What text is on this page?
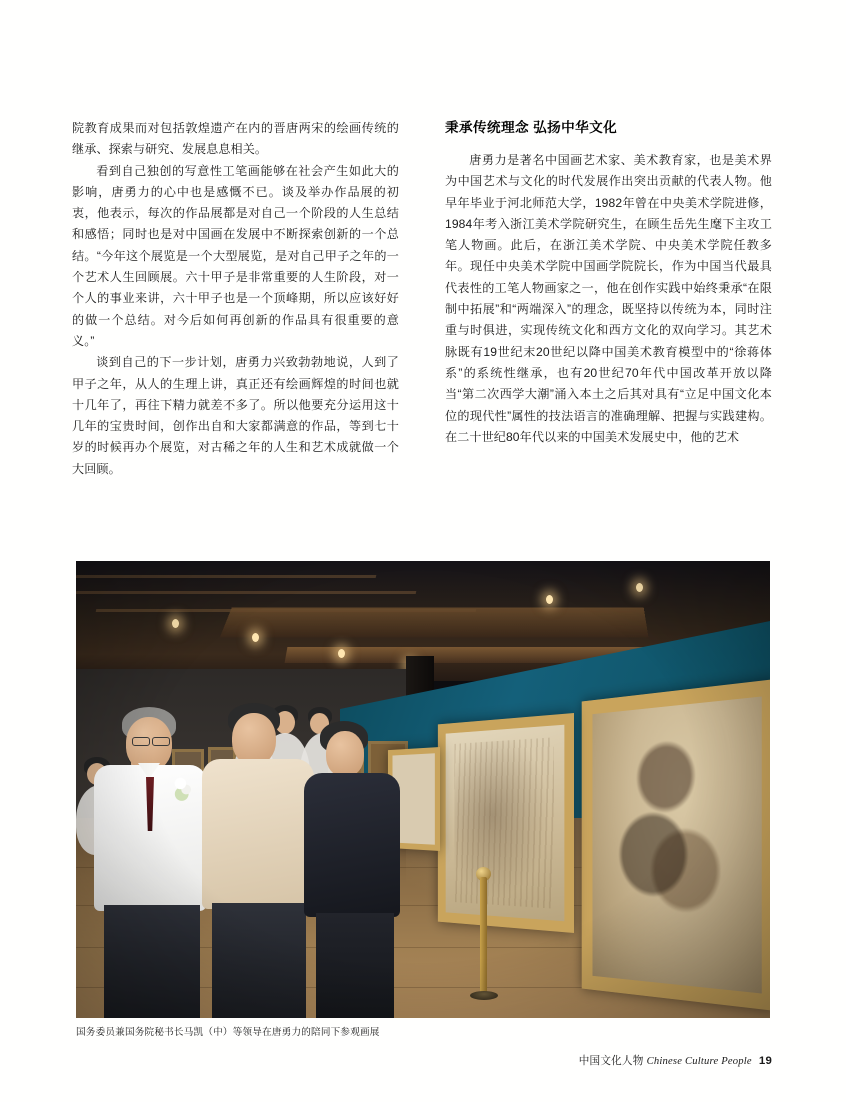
院教育成果而对包括敦煌遗产在内的晋唐两宋的绘画传统的继承、探索与研究、发展息息相关。

看到自己独创的写意性工笔画能够在社会产生如此大的影响，唐勇力的心中也是感慨不已。谈及举办作品展的初衷，他表示，每次的作品展都是对自己一个阶段的人生总结和感悟；同时也是对中国画在发展中不断探索创新的一个总结。“今年这个展览是一个大型展览，是对自己甲子之年的一个艺术人生回顾展。六十甲子是非常重要的人生阶段，对一个人的事业来讲，六十甲子也是一个顶峰期，所以应该好好的做一个总结。对今后如何再创新的作品具有很重要的意义。”

谈到自己的下一步计划，唐勇力兴致勃勃地说，人到了甲子之年，从人的生理上讲，真正还有绘画辉煌的时间也就十几年了，再往下精力就差不多了。所以他要充分运用这十几年的宝贵时间，创作出自和大家都满意的作品，等到七十岁的时候再办个展览，对古稀之年的人生和艺术成就做一个大回顾。

秉承传统理念 弘扬中华文化

唐勇力是著名中国画艺术家、美术教育家，也是美术界为中国艺术与文化的时代发展作出突出贡献的代表人物。他早年毕业于河北师范大学，1982年曾在中央美术学院进修，1984年考入浙江美术学院研究生，在顾生岳先生麾下主攻工笔人物画。此后，在浙江美术学院、中央美术学院任教多年。现任中央美术学院中国画学院院长，作为中国当代最具代表性的工笔人物画家之一，他在创作实践中始终秉承“在限制中拓展”和“两端深入”的理念，既坚持以传统为本，同时注重与时俱进，实现传统文化和西方文化的双向学习。其艺术脉既有19世纪末20世纪以降中国美术教育模型中的“徐蒋体系”的系统性继承，也有20世纪70年代中国改革开放以降当“第二次西学大潮”涌入本土之后其对具有“立足中国文化本位的现代性”属性的技法语言的准确理解、把握与实践建构。在二十世纪80年代以来的中国美术发展史中，他的艺术

国务委员兼国务院秘书长马凯（中）等领导在唐勇力的陪同下参观画展
中国文化人物 Chinese Culture People 19
